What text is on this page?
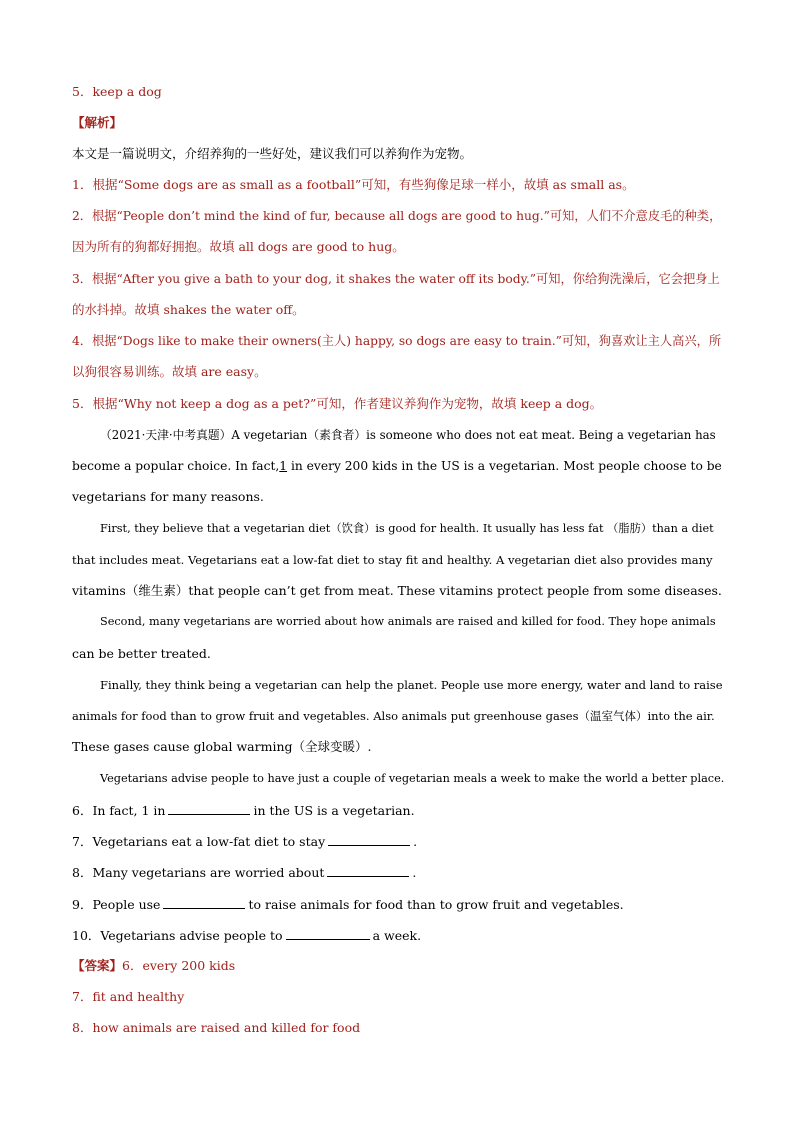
5．keep a dog
【解析】
本文是一篇说明文，介绍养狗的一些好处，建议我们可以养狗作为宠物。
1．根据“Some dogs are as small as a football”可知，有些狗像足球一样小，故填 as small as。
2．根据“People don’t mind the kind of fur, because all dogs are good to hug.”可知，人们不介意皮毛的种类，
因为所有的狗都好拥抱。故填 all dogs are good to hug。
3．根据“After you give a bath to your dog, it shakes the water off its body.”可知，你给狗洗澡后，它会把身上
的水抖掉。故填 shakes the water off。
4．根据“Dogs like to make their owners(主人) happy, so dogs are easy to train.”可知，狗喜欢让主人高兴，所
以狗很容易训练。故填 are easy。
5．根据“Why not keep a dog as a pet?”可知，作者建议养狗作为宠物，故填 keep a dog。
（2021·天津·中考真题）A vegetarian（素食者）is someone who does not eat meat. Being a vegetarian has
become a popular choice. In fact,1 in every 200 kids in the US is a vegetarian. Most people choose to be
vegetarians for many reasons.
First, they believe that a vegetarian diet（饮食）is good for health. It usually has less fat （脂肪）than a diet
that includes meat. Vegetarians eat a low-fat diet to stay fit and healthy. A vegetarian diet also provides many
vitamins（维生素）that people can’t get from meat. These vitamins protect people from some diseases.
Second, many vegetarians are worried about how animals are raised and killed for food. They hope animals
can be better treated.
Finally, they think being a vegetarian can help the planet. People use more energy, water and land to raise
animals for food than to grow fruit and vegetables. Also animals put greenhouse gases（温室气体）into the air.
These gases cause global warming（全球变暖）.
Vegetarians advise people to have just a couple of vegetarian meals a week to make the world a better place.
6．In fact, 1 in	in the US is a vegetarian.
7．Vegetarians eat a low-fat diet to stay	.
8．Many vegetarians are worried about	.
9．People use	to raise animals for food than to grow fruit and vegetables.
10．Vegetarians advise people to	a week.
【答案】6．every 200 kids
7．fit and healthy
8．how animals are raised and killed for food
